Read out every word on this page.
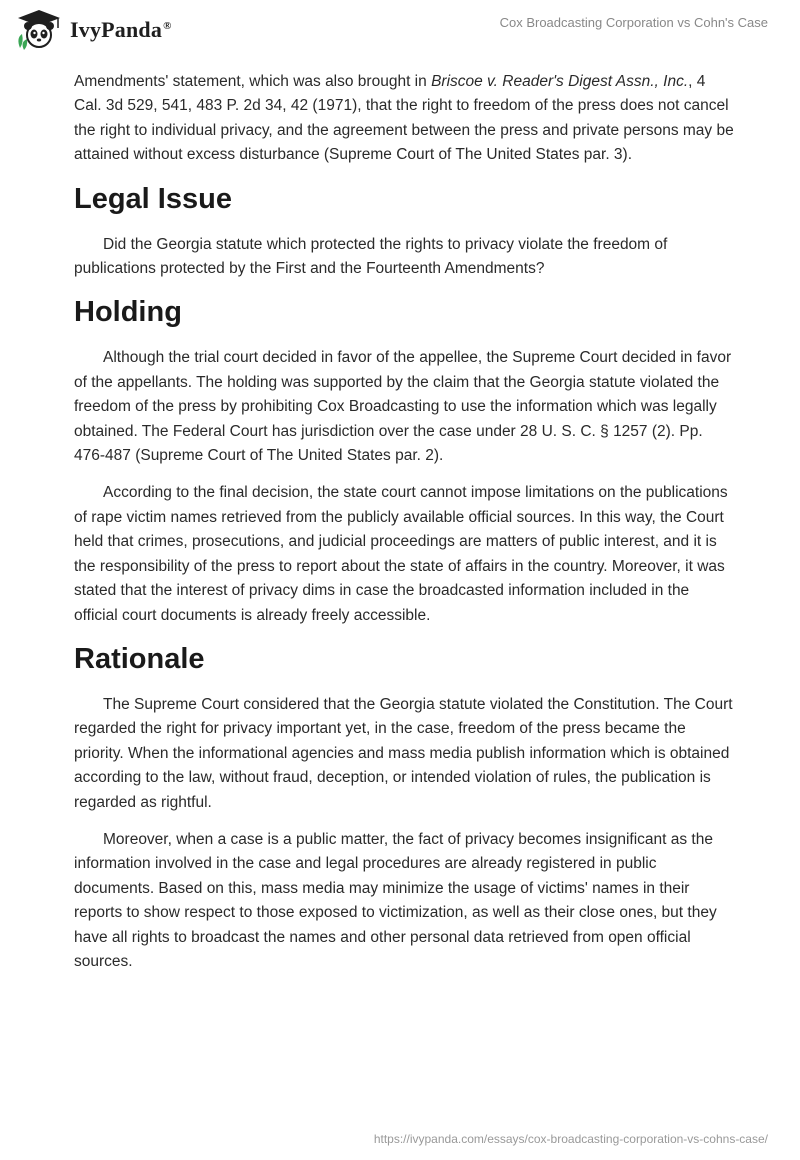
IvyPanda®	Cox Broadcasting Corporation vs Cohn's Case

Amendments' statement, which was also brought in Briscoe v. Reader's Digest Assn., Inc., 4 Cal. 3d 529, 541, 483 P. 2d 34, 42 (1971), that the right to freedom of the press does not cancel the right to individual privacy, and the agreement between the press and private persons may be attained without excess disturbance (Supreme Court of The United States par. 3).

Legal Issue

Did the Georgia statute which protected the rights to privacy violate the freedom of publications protected by the First and the Fourteenth Amendments?

Holding

Although the trial court decided in favor of the appellee, the Supreme Court decided in favor of the appellants. The holding was supported by the claim that the Georgia statute violated the freedom of the press by prohibiting Cox Broadcasting to use the information which was legally obtained. The Federal Court has jurisdiction over the case under 28 U. S. C. § 1257 (2). Pp. 476-487 (Supreme Court of The United States par. 2).

According to the final decision, the state court cannot impose limitations on the publications of rape victim names retrieved from the publicly available official sources. In this way, the Court held that crimes, prosecutions, and judicial proceedings are matters of public interest, and it is the responsibility of the press to report about the state of affairs in the country. Moreover, it was stated that the interest of privacy dims in case the broadcasted information included in the official court documents is already freely accessible.

Rationale

The Supreme Court considered that the Georgia statute violated the Constitution. The Court regarded the right for privacy important yet, in the case, freedom of the press became the priority. When the informational agencies and mass media publish information which is obtained according to the law, without fraud, deception, or intended violation of rules, the publication is regarded as rightful.

Moreover, when a case is a public matter, the fact of privacy becomes insignificant as the information involved in the case and legal procedures are already registered in public documents. Based on this, mass media may minimize the usage of victims' names in their reports to show respect to those exposed to victimization, as well as their close ones, but they have all rights to broadcast the names and other personal data retrieved from open official sources.

https://ivypanda.com/essays/cox-broadcasting-corporation-vs-cohns-case/
